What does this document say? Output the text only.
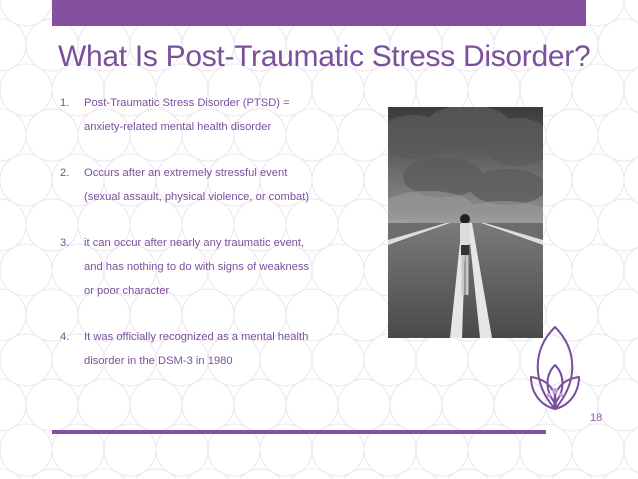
What Is Post-Traumatic Stress Disorder?
1. Post-Traumatic Stress Disorder (PTSD) =
anxiety-related mental health disorder
2. Occurs after an extremely stressful event
(sexual assault, physical violence, or combat)
3. it can occur after nearly any traumatic event,
and has nothing to do with signs of weakness
or poor character
4. It was officially recognized as a mental health
disorder in the DSM-3 in 1980
18
